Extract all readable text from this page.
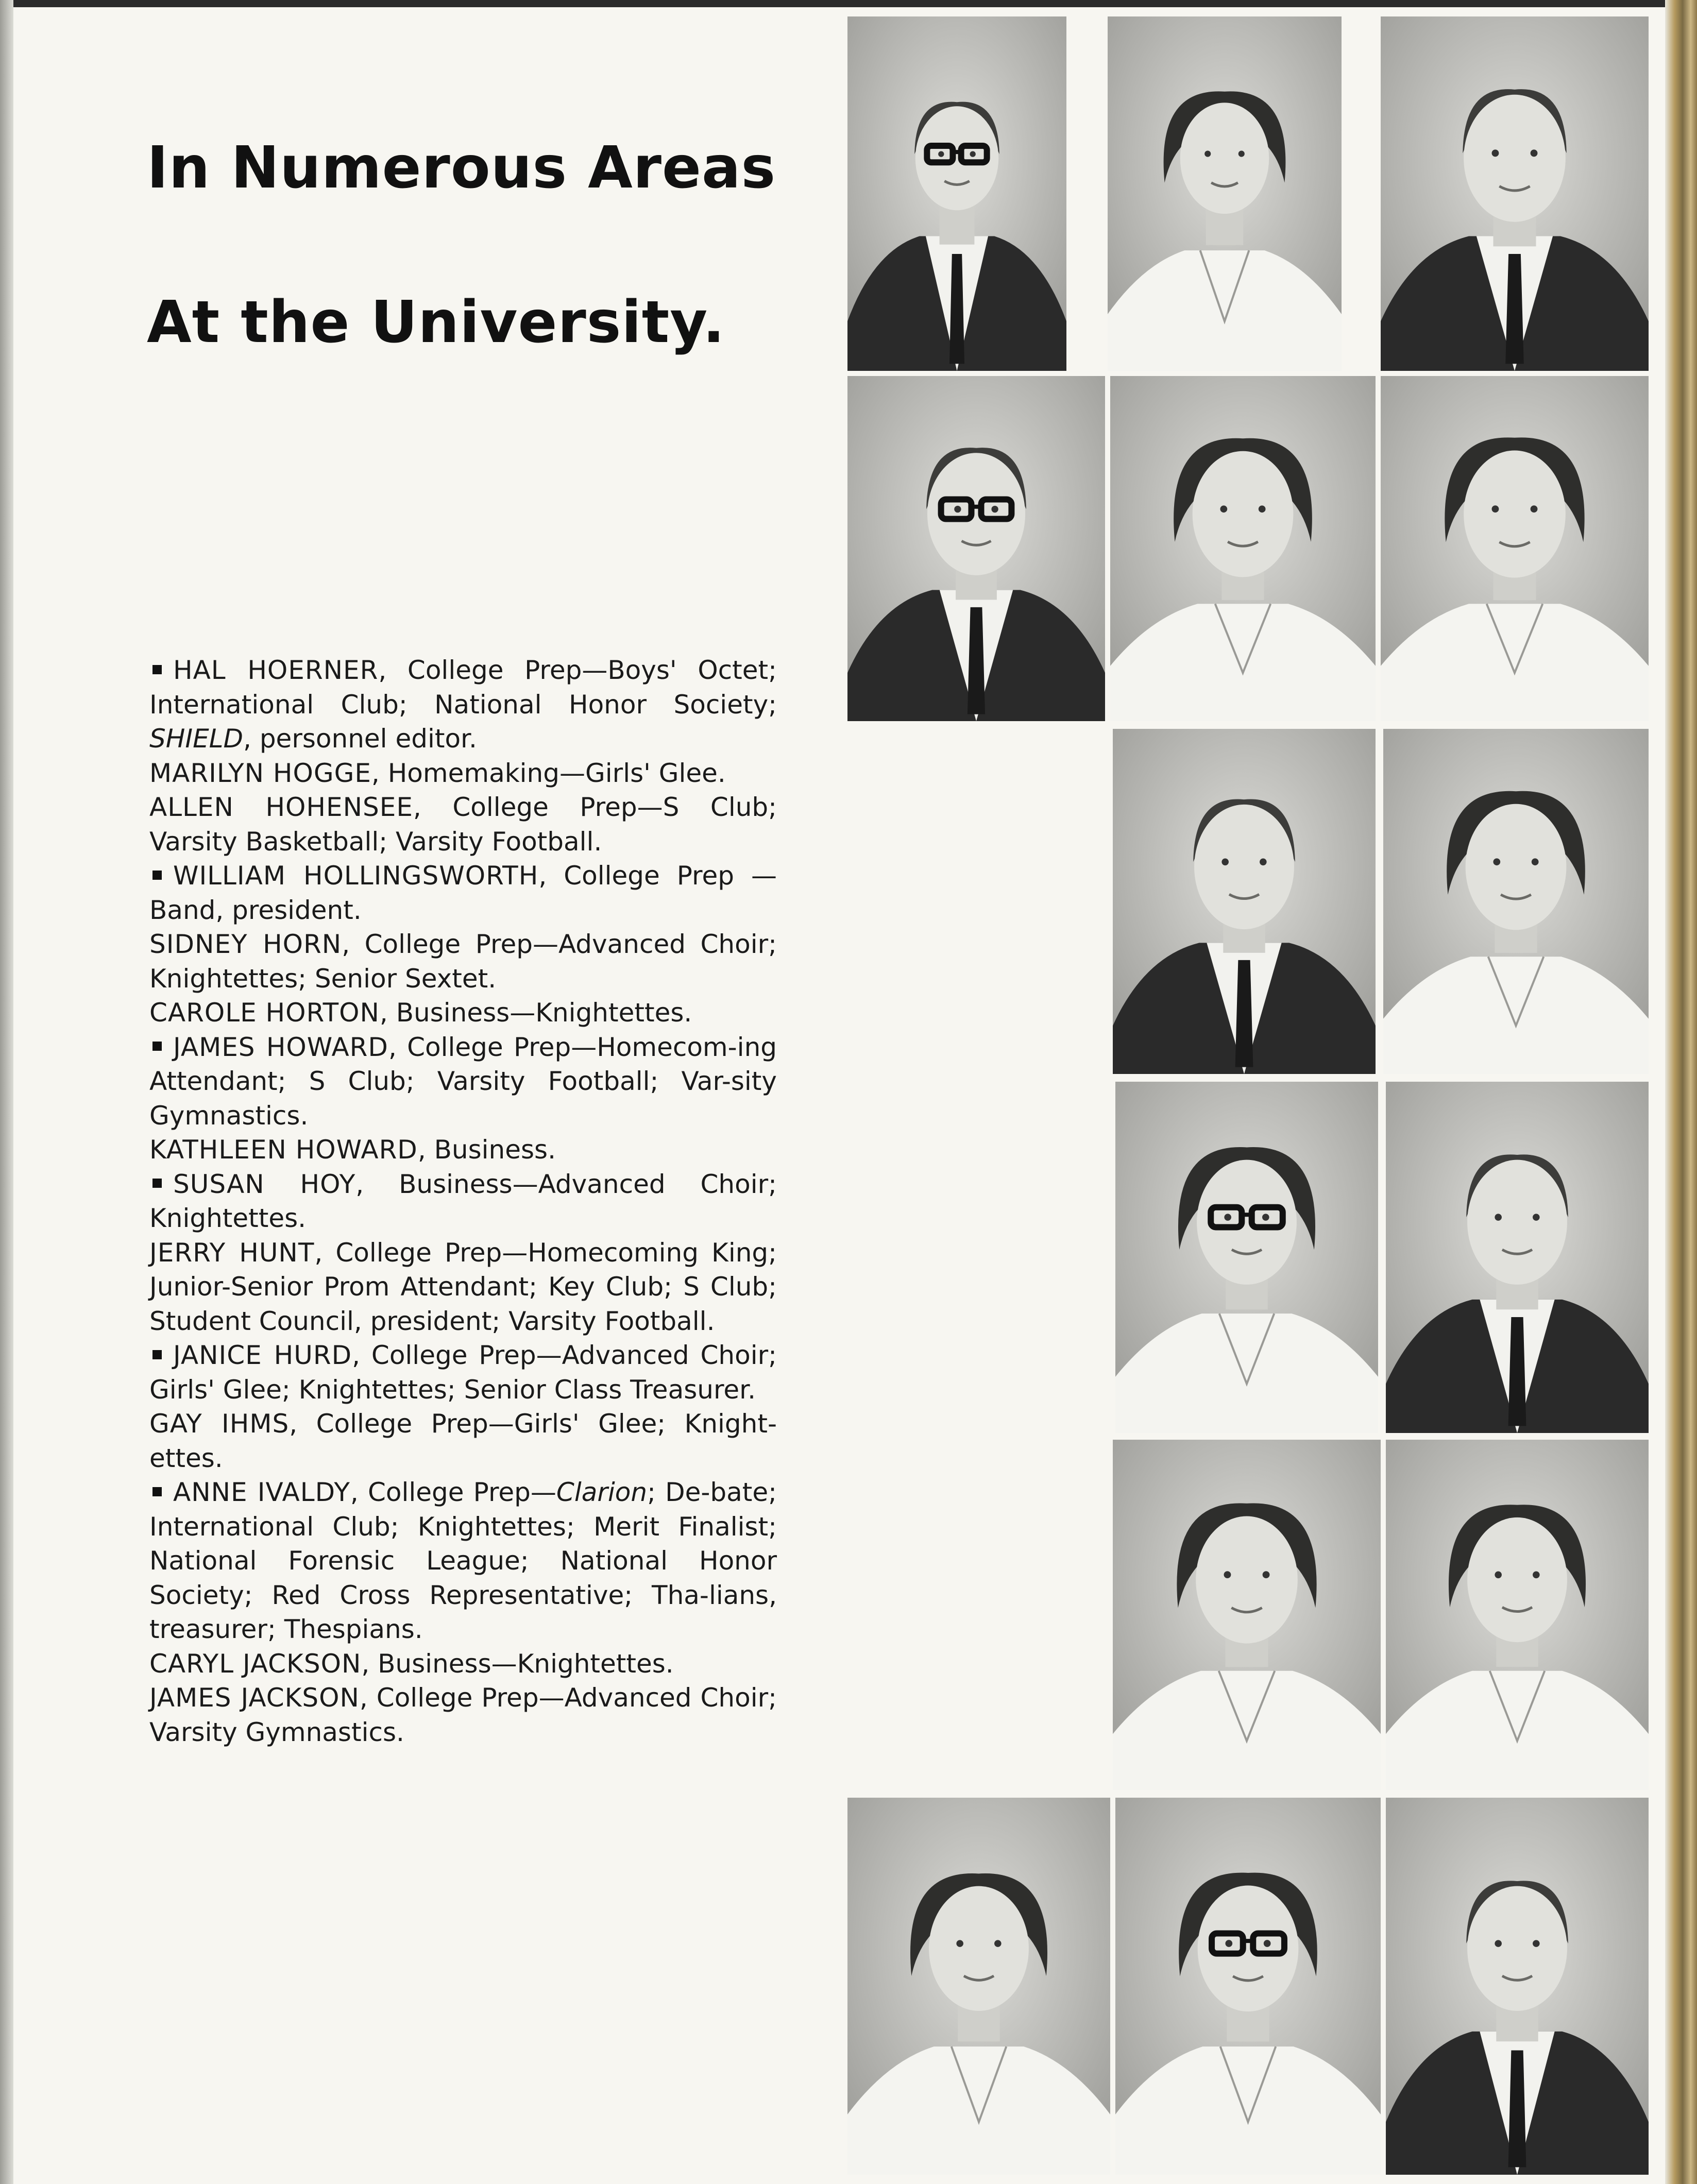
In Numerous Areas
At the University.
HAL HOERNER, College Prep—Boys' Octet; International Club; National Honor Society; SHIELD, personnel editor.
MARILYN HOGGE, Homemaking—Girls' Glee.
ALLEN HOHENSEE, College Prep—S Club; Varsity Basketball; Varsity Football.
WILLIAM HOLLINGSWORTH, College Prep —Band, president.
SIDNEY HORN, College Prep—Advanced Choir; Knightettes; Senior Sextet.
CAROLE HORTON, Business—Knightettes.
JAMES HOWARD, College Prep—Homecom-ing Attendant; S Club; Varsity Football; Var-sity Gymnastics.
KATHLEEN HOWARD, Business.
SUSAN HOY, Business—Advanced Choir; Knightettes.
JERRY HUNT, College Prep—Homecoming King; Junior-Senior Prom Attendant; Key Club; S Club; Student Council, president; Varsity Football.
JANICE HURD, College Prep—Advanced Choir; Girls' Glee; Knightettes; Senior Class Treasurer.
GAY IHMS, College Prep—Girls' Glee; Knight-ettes.
ANNE IVALDY, College Prep—Clarion; De-bate; International Club; Knightettes; Merit Finalist; National Forensic League; National Honor Society; Red Cross Representative; Tha-lians, treasurer; Thespians.
CARYL JACKSON, Business—Knightettes.
JAMES JACKSON, College Prep—Advanced Choir; Varsity Gymnastics.
